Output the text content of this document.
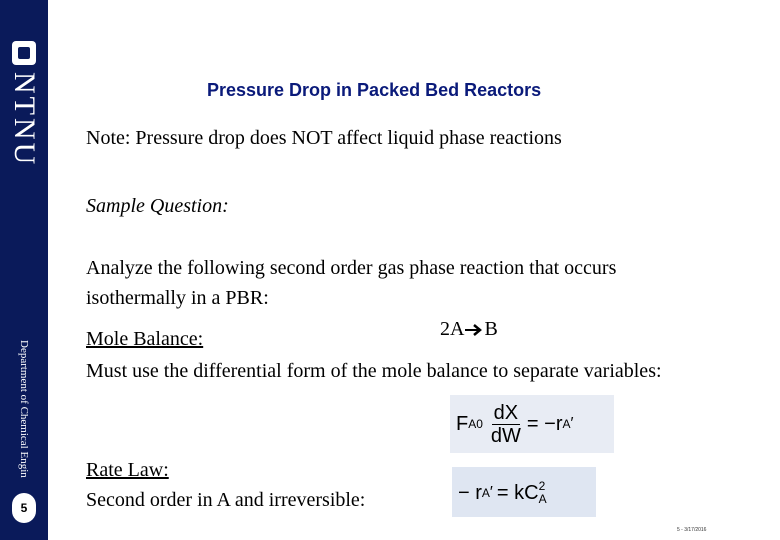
NTNU
Department of Chemical Engin
5
Pressure Drop in Packed Bed Reactors
Note: Pressure drop does NOT affect liquid phase reactions
Sample Question:
Analyze the following second order gas phase reaction that occurs
isothermally in a PBR:
2A B
Mole Balance:
Must use the differential form of the mole balance to separate variables:
F $A0 \frac{dX}{dW} = -r$ A ′
Rate Law:
Second order in A and irreversible:	− r A ′ = kC 2
A
5 - 3/17/2016
